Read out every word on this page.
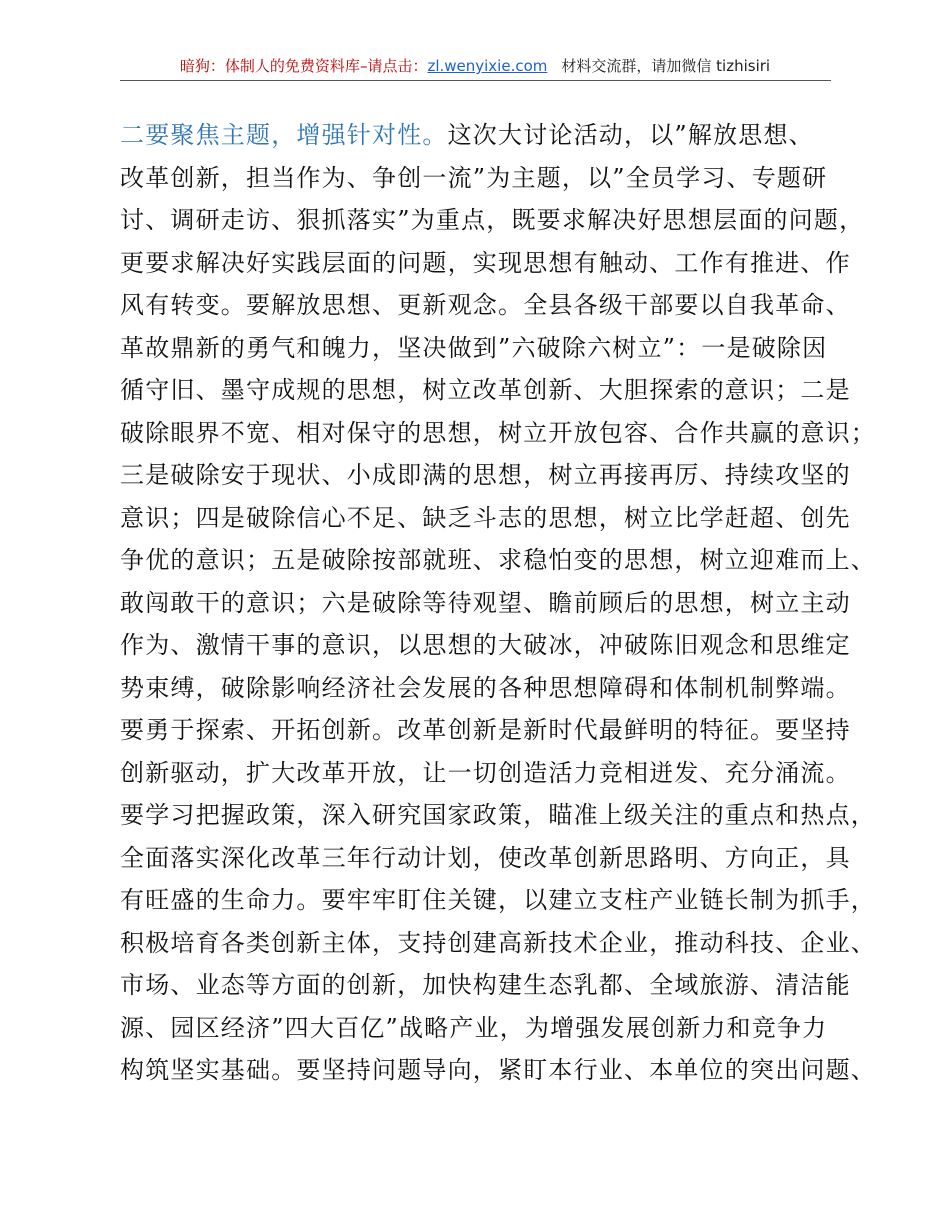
暗狗：体制人的免费资料库–请点击：zl.wenyixie.com 材料交流群，请加微信 tizhisiri
二要聚焦主题，增强针对性。这次大讨论活动，以”解放思想、
改革创新，担当作为、争创一流”为主题，以”全员学习、专题研
讨、调研走访、狠抓落实”为重点，既要求解决好思想层面的问题，
更要求解决好实践层面的问题，实现思想有触动、工作有推进、作
风有转变。要解放思想、更新观念。全县各级干部要以自我革命、
革故鼎新的勇气和魄力，坚决做到”六破除六树立”：一是破除因
循守旧、墨守成规的思想，树立改革创新、大胆探索的意识；二是
破除眼界不宽、相对保守的思想，树立开放包容、合作共赢的意识；
三是破除安于现状、小成即满的思想，树立再接再厉、持续攻坚的
意识；四是破除信心不足、缺乏斗志的思想，树立比学赶超、创先
争优的意识；五是破除按部就班、求稳怕变的思想，树立迎难而上、
敢闯敢干的意识；六是破除等待观望、瞻前顾后的思想，树立主动
作为、激情干事的意识，以思想的大破冰，冲破陈旧观念和思维定
势束缚，破除影响经济社会发展的各种思想障碍和体制机制弊端。
要勇于探索、开拓创新。改革创新是新时代最鲜明的特征。要坚持
创新驱动，扩大改革开放，让一切创造活力竞相迸发、充分涌流。
要学习把握政策，深入研究国家政策，瞄准上级关注的重点和热点，
全面落实深化改革三年行动计划，使改革创新思路明、方向正，具
有旺盛的生命力。要牢牢盯住关键，以建立支柱产业链长制为抓手，
积极培育各类创新主体，支持创建高新技术企业，推动科技、企业、
市场、业态等方面的创新，加快构建生态乳都、全域旅游、清洁能
源、园区经济”四大百亿”战略产业，为增强发展创新力和竞争力
构筑坚实基础。要坚持问题导向，紧盯本行业、本单位的突出问题、
